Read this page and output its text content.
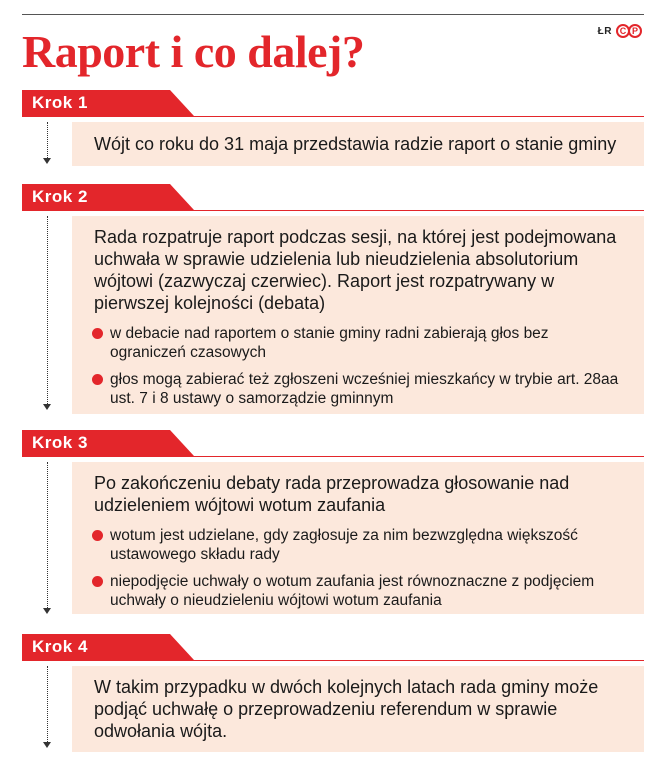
Raport i co dalej?	ŁR C P
Krok 1

Wójt co roku do 31 maja przedstawia radzie raport o stanie gminy

Krok 2

Rada rozpatruje raport podczas sesji, na której jest podejmowana uchwała w sprawie udzielenia lub nieudzielenia absolutorium wójtowi (zazwyczaj czerwiec). Raport jest rozpatrywany w pierwszej kolejności (debata)

w debacie nad raportem o stanie gminy radni zabierają głos bez ograniczeń czasowych
głos mogą zabierać też zgłoszeni wcześniej mieszkańcy w trybie art. 28aa ust. 7 i 8 ustawy o samorządzie gminnym
Krok 3

Po zakończeniu debaty rada przeprowadza głosowanie nad udzieleniem wójtowi wotum zaufania

wotum jest udzielane, gdy zagłosuje za nim bezwzględna większość ustawowego składu rady
niepodjęcie uchwały o wotum zaufania jest równoznaczne z podjęciem uchwały o nieudzieleniu wójtowi wotum zaufania
Krok 4

W takim przypadku w dwóch kolejnych latach rada gminy może podjąć uchwałę o przeprowadzeniu referendum w sprawie odwołania wójta.
